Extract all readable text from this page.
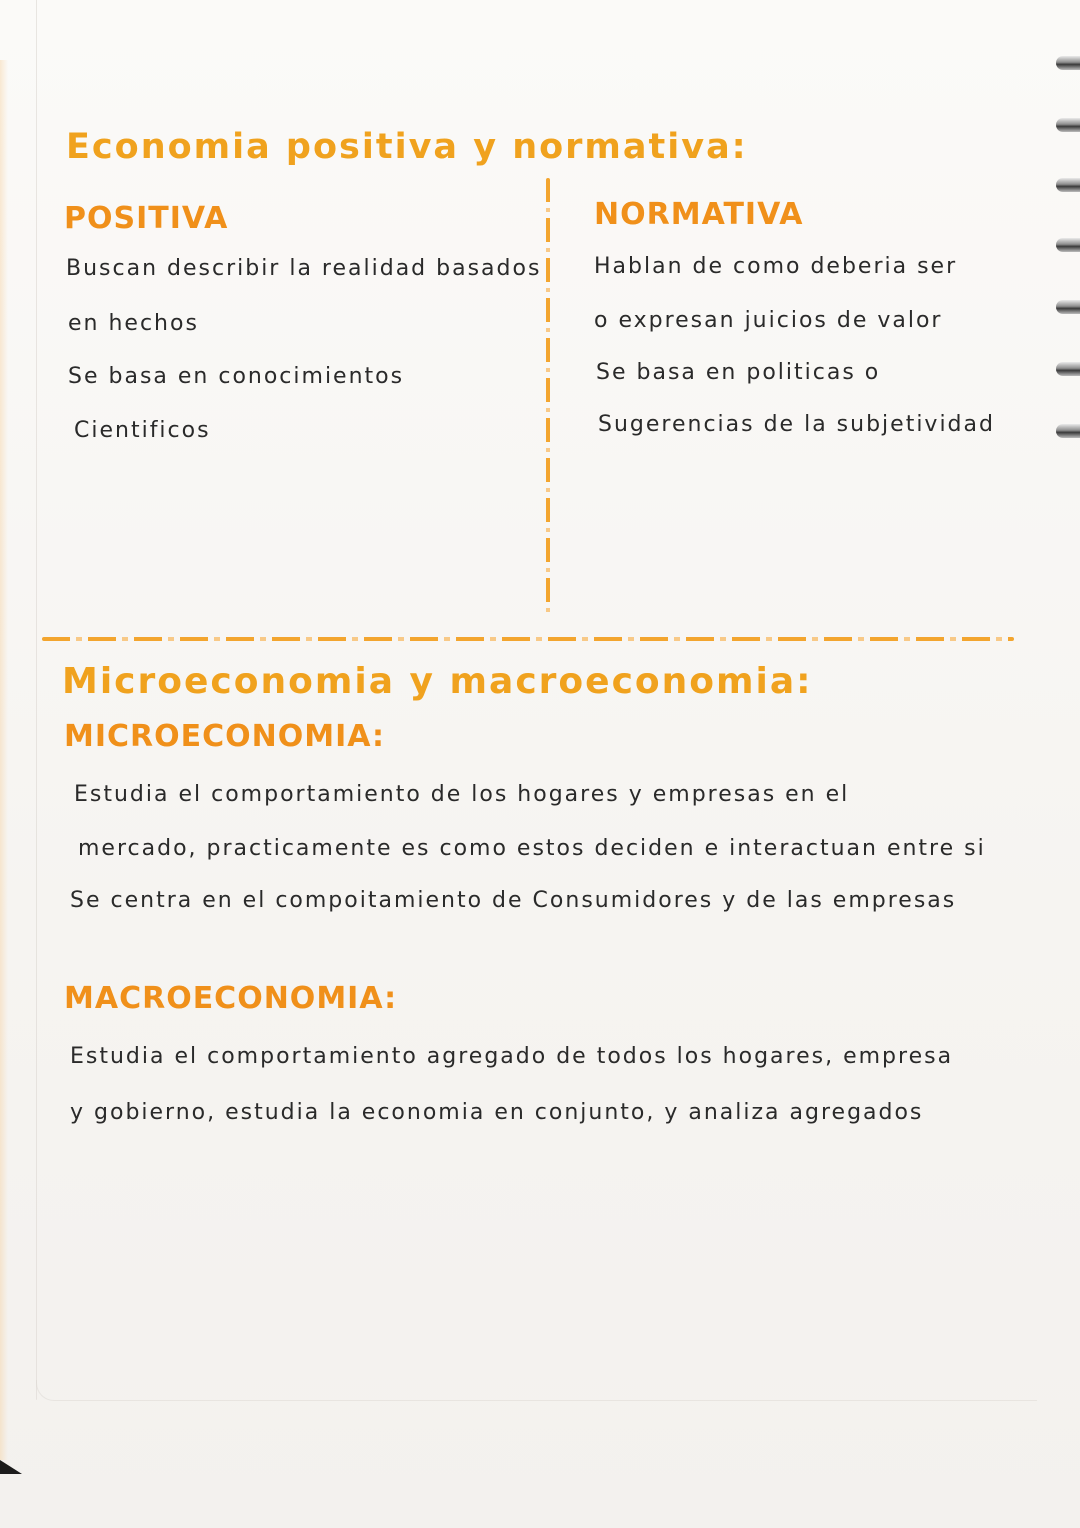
Economia positiva y normativa:
POSITIVA

Buscan describir la realidad basados

en hechos

Se basa en conocimientos

Cientificos

NORMATIVA

Hablan de como deberia ser

o expresan juicios de valor

Se basa en politicas o

Sugerencias de la subjetividad

Microeconomia y macroeconomia:
MICROECONOMIA:

Estudia el comportamiento de los hogares y empresas en el

mercado, practicamente es como estos deciden e interactuan entre si

Se centra en el compoitamiento de Consumidores y de las empresas

MACROECONOMIA:

Estudia el comportamiento agregado de todos los hogares, empresa

y gobierno, estudia la economia en conjunto, y analiza agregados
